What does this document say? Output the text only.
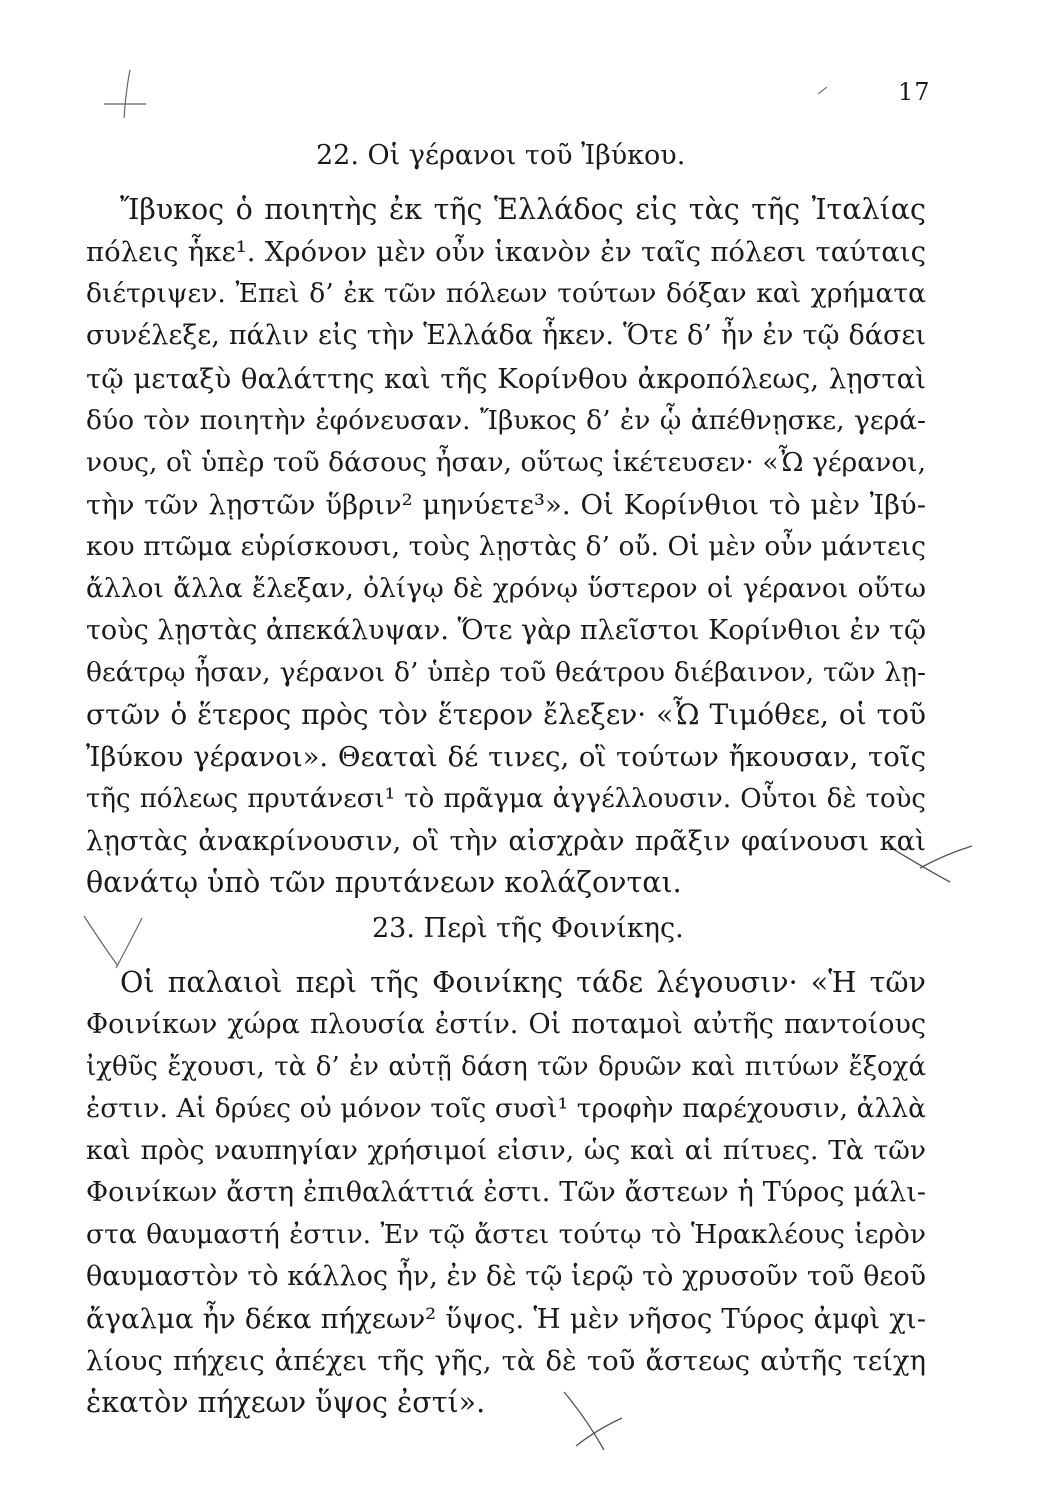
17
22. Οἱ γέρανοι τοῦ Ἰβύκου.
Ἴβυκος ὁ ποιητὴς ἐκ τῆς Ἑλλάδος εἰς τὰς τῆς Ἰταλίας
πόλεις ἧκε¹. Χρόνον μὲν οὖν ἱκανὸν ἐν ταῖς πόλεσι ταύταις
διέτριψεν. Ἐπεὶ δ’ ἐκ τῶν πόλεων τούτων δόξαν καὶ χρήματα
συνέλεξε, πάλιν εἰς τὴν Ἑλλάδα ἧκεν. Ὅτε δ’ ἦν ἐν τῷ δάσει
τῷ μεταξὺ θαλάττης καὶ τῆς Κορίνθου ἀκροπόλεως, λῃσταὶ
δύο τὸν ποιητὴν ἐφόνευσαν. Ἴβυκος δ’ ἐν ᾧ ἀπέθνῃσκε, γερά-
νους, οἳ ὑπὲρ τοῦ δάσους ἦσαν, οὕτως ἱκέτευσεν· «Ὦ γέρανοι,
τὴν τῶν λῃστῶν ὕβριν² μηνύετε³». Οἱ Κορίνθιοι τὸ μὲν Ἰβύ-
κου πτῶμα εὑρίσκουσι, τοὺς λῃστὰς δ’ οὔ. Οἱ μὲν οὖν μάντεις
ἄλλοι ἄλλα ἔλεξαν, ὀλίγῳ δὲ χρόνῳ ὕστερον οἱ γέρανοι οὕτω
τοὺς λῃστὰς ἀπεκάλυψαν. Ὅτε γὰρ πλεῖστοι Κορίνθιοι ἐν τῷ
θεάτρῳ ἦσαν, γέρανοι δ’ ὑπὲρ τοῦ θεάτρου διέβαινον, τῶν λῃ-
στῶν ὁ ἕτερος πρὸς τὸν ἕτερον ἔλεξεν· «Ὦ Τιμόθεε, οἱ τοῦ
Ἰβύκου γέρανοι». Θεαταὶ δέ τινες, οἳ τούτων ἤκουσαν, τοῖς
τῆς πόλεως πρυτάνεσι¹ τὸ πρᾶγμα ἀγγέλλουσιν. Οὗτοι δὲ τοὺς
λῃστὰς ἀνακρίνουσιν, οἳ τὴν αἰσχρὰν πρᾶξιν φαίνουσι καὶ
θανάτῳ ὑπὸ τῶν πρυτάνεων κολάζονται.
23. Περὶ τῆς Φοινίκης.
Οἱ παλαιοὶ περὶ τῆς Φοινίκης τάδε λέγουσιν· «Ἡ τῶν
Φοινίκων χώρα πλουσία ἐστίν. Οἱ ποταμοὶ αὐτῆς παντοίους
ἰχθῦς ἔχουσι, τὰ δ’ ἐν αὐτῇ δάση τῶν δρυῶν καὶ πιτύων ἔξοχά
ἐστιν. Αἱ δρύες οὐ μόνον τοῖς συσὶ¹ τροφὴν παρέχουσιν, ἀλλὰ
καὶ πρὸς ναυπηγίαν χρήσιμοί εἰσιν, ὡς καὶ αἱ πίτυες. Τὰ τῶν
Φοινίκων ἄστη ἐπιθαλάττιά ἐστι. Τῶν ἄστεων ἡ Τύρος μάλι-
στα θαυμαστή ἐστιν. Ἐν τῷ ἄστει τούτῳ τὸ Ἡρακλέους ἱερὸν
θαυμαστὸν τὸ κάλλος ἦν, ἐν δὲ τῷ ἱερῷ τὸ χρυσοῦν τοῦ θεοῦ
ἄγαλμα ἦν δέκα πήχεων² ὕψος. Ἡ μὲν νῆσος Τύρος ἀμφὶ χι-
λίους πήχεις ἀπέχει τῆς γῆς, τὰ δὲ τοῦ ἄστεως αὐτῆς τείχη
ἑκατὸν πήχεων ὕψος ἐστί».
